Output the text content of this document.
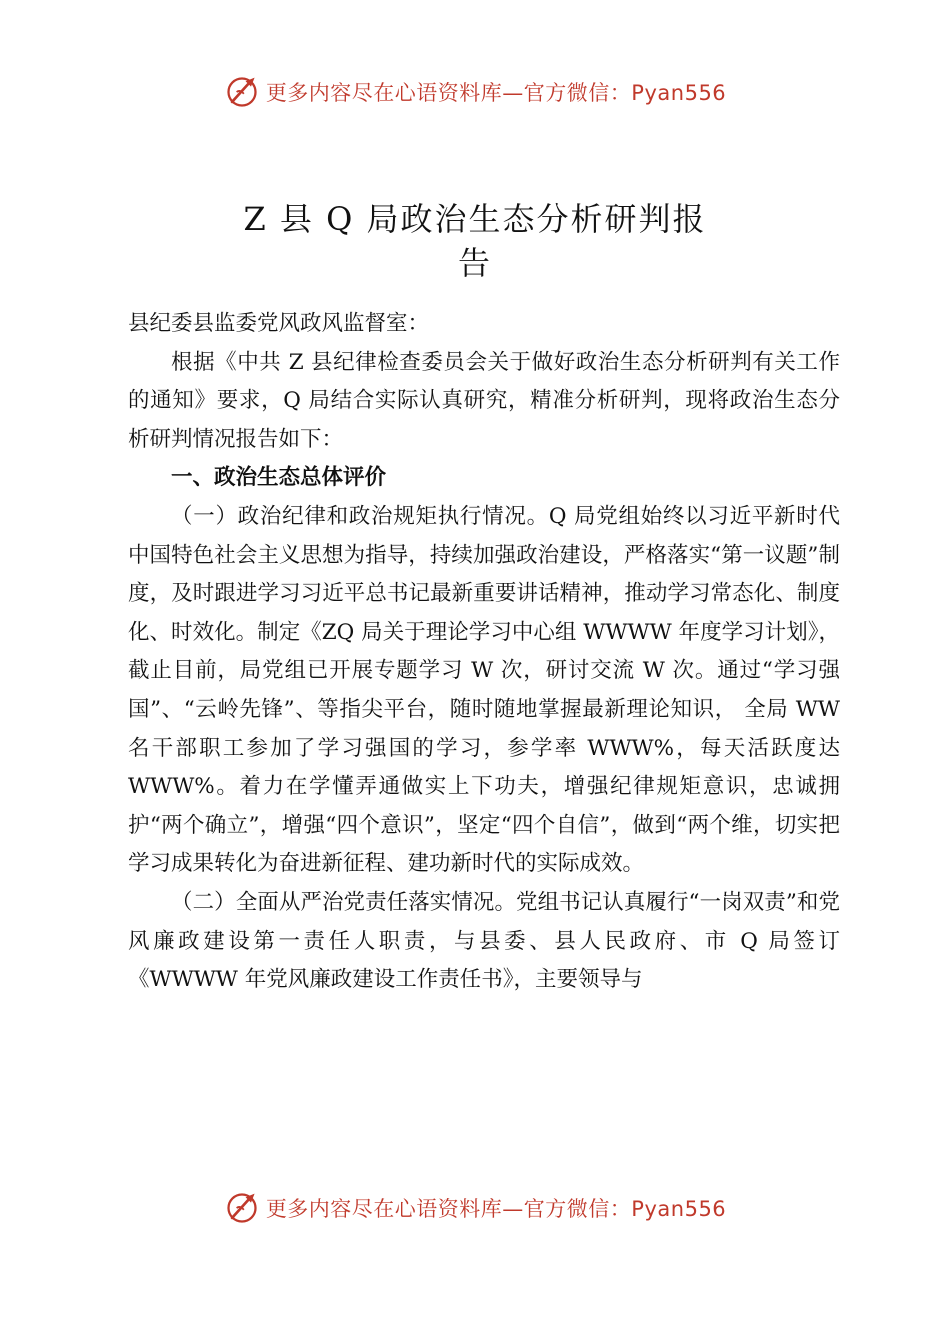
更多内容尽在心语资料库—官方微信：Pyan556
Z 县 Q 局政治生态分析研判报
告

县纪委县监委党风政风监督室：

根据《中共 Z 县纪律检查委员会关于做好政治生态分析研判有关工作的通知》要求，Q 局结合实际认真研究，精准分析研判，现将政治生态分析研判情况报告如下：

一、政治生态总体评价

（一）政治纪律和政治规矩执行情况。Q 局党组始终以习近平新时代中国特色社会主义思想为指导，持续加强政治建设，严格落实“第一议题”制度，及时跟进学习习近平总书记最新重要讲话精神，推动学习常态化、制度化、时效化。制定《ZQ 局关于理论学习中心组 WWWW 年度学习计划》，截止目前，局党组已开展专题学习 W 次，研讨交流 W 次。通过“学习强国”、“云岭先锋”、等指尖平台，随时随地掌握最新理论知识， 全局 WW 名干部职工参加了学习强国的学习，参学率 WWW%，每天活跃度达 WWW%。着力在学懂弄通做实上下功夫，增强纪律规矩意识，忠诚拥护“两个确立”，增强“四个意识”，坚定“四个自信”，做到“两个维，切实把学习成果转化为奋进新征程、建功新时代的实际成效。

（二）全面从严治党责任落实情况。党组书记认真履行“一岗双责”和党风廉政建设第一责任人职责，与县委、县人民政府、市 Q 局签订《WWWW 年党风廉政建设工作责任书》，主要领导与

更多内容尽在心语资料库—官方微信：Pyan556
